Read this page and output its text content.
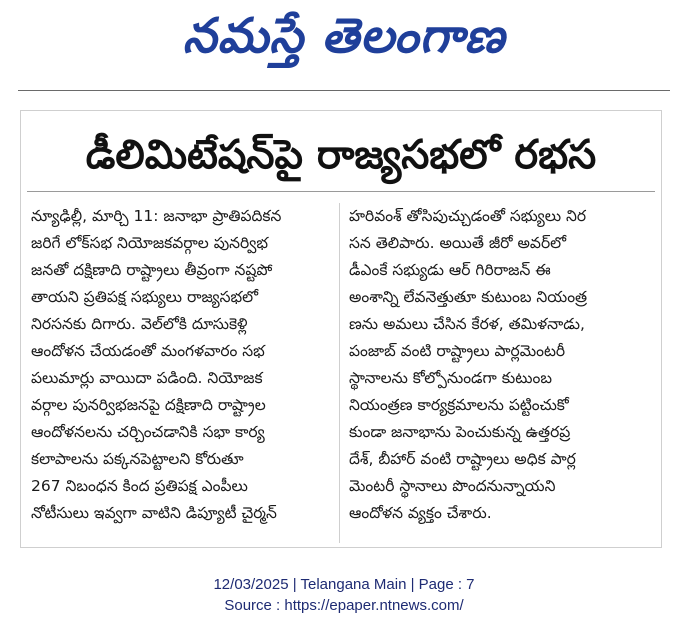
నమస్తే తెలంగాణ
డీలిమిటేషన్‌పై రాజ్యసభలో రభస
న్యూఢిల్లీ, మార్చి 11: జనాభా ప్రాతిపదికన
జరిగే లోక్‌సభ నియోజకవర్గాల పునర్విభ
జనతో దక్షిణాది రాష్ట్రాలు తీవ్రంగా నష్టపో
తాయని ప్రతిపక్ష సభ్యులు రాజ్యసభలో
నిరసనకు దిగారు. వెల్‌లోకి దూసుకెళ్లి
ఆందోళన చేయడంతో మంగళవారం సభ
పలుమార్లు వాయిదా పడింది. నియోజక
వర్గాల పునర్విభజనపై దక్షిణాది రాష్ట్రాల
ఆందోళనలను చర్చించడానికి సభా కార్య
కలాపాలను పక్కనపెట్టాలని కోరుతూ
267 నిబంధన కింద ప్రతిపక్ష ఎంపీలు
నోటీసులు ఇవ్వగా వాటిని డిప్యూటీ చైర్మన్
హరివంశ్ తోసిపుచ్చుడంతో సభ్యులు నిర
సన తెలిపారు. అయితే జీరో అవర్‌లో
డీఎంకే సభ్యుడు ఆర్ గిరిరాజన్ ఈ
అంశాన్ని లేవనెత్తుతూ కుటుంబ నియంత్ర
ణను అమలు చేసిన కేరళ, తమిళనాడు,
పంజాబ్ వంటి రాష్ట్రాలు పార్లమెంటరీ
స్థానాలను కోల్పోనుండగా కుటుంబ
నియంత్రణ కార్యక్రమాలను పట్టించుకో
కుండా జనాభాను పెంచుకున్న ఉత్తరప్ర
దేశ్, బీహార్ వంటి రాష్ట్రాలు అధిక పార్ల
మెంటరీ స్థానాలు పొందనున్నాయని
ఆందోళన వ్యక్తం చేశారు.
12/03/2025 | Telangana Main | Page : 7
Source : https://epaper.ntnews.com/
